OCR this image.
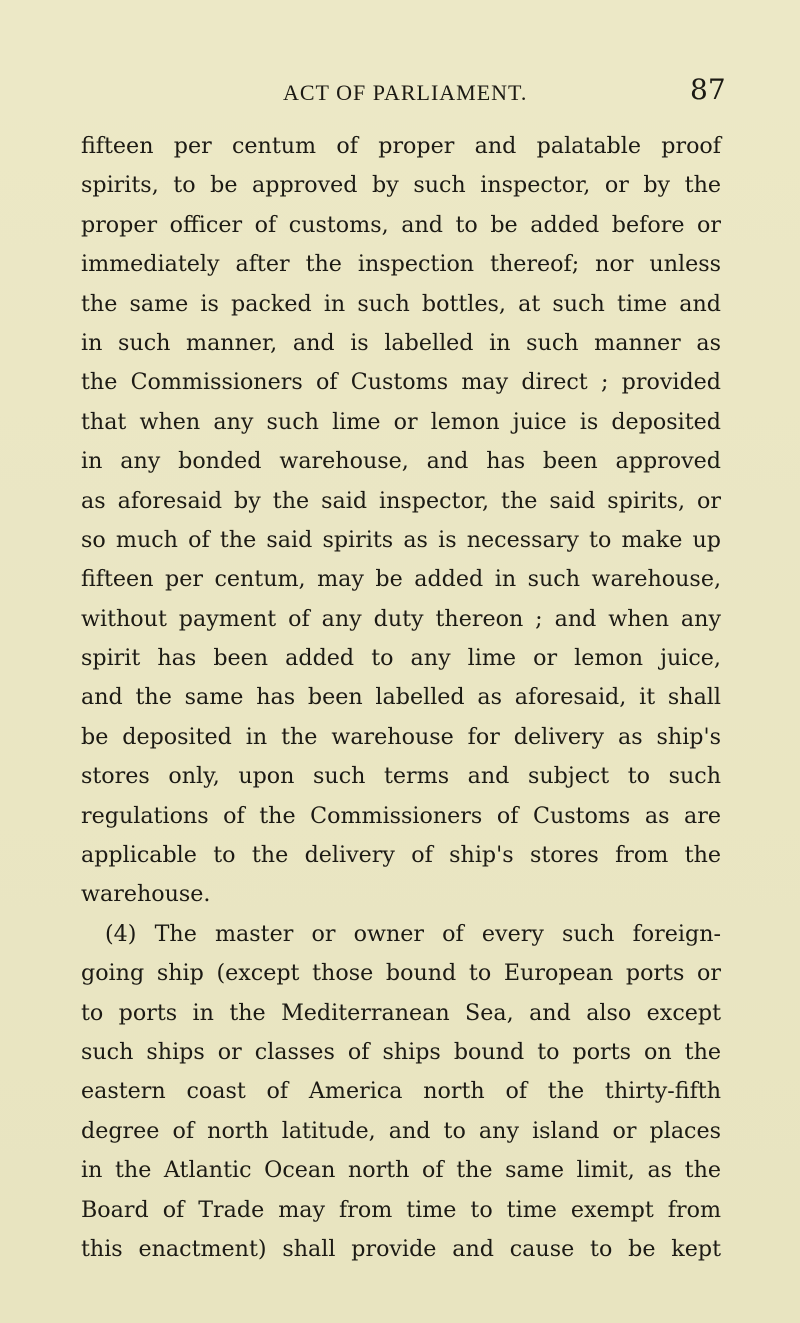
ACT OF PARLIAMENT.	87
fifteen per centum of proper and palatable proof
spirits, to be approved by such inspector, or by the
proper officer of customs, and to be added before or
immediately after the inspection thereof; nor unless
the same is packed in such bottles, at such time and
in such manner, and is labelled in such manner as
the Commissioners of Customs may direct ; provided
that when any such lime or lemon juice is deposited
in any bonded warehouse, and has been approved
as aforesaid by the said inspector, the said spirits, or
so much of the said spirits as is necessary to make up
fifteen per centum, may be added in such warehouse,
without payment of any duty thereon ; and when any
spirit has been added to any lime or lemon juice,
and the same has been labelled as aforesaid, it shall
be deposited in the warehouse for delivery as ship's
stores only, upon such terms and subject to such
regulations of the Commissioners of Customs as are
applicable to the delivery of ship's stores from the
warehouse.
(4) The master or owner of every such foreign-
going ship (except those bound to European ports or
to ports in the Mediterranean Sea, and also except
such ships or classes of ships bound to ports on the
eastern coast of America north of the thirty-fifth
degree of north latitude, and to any island or places
in the Atlantic Ocean north of the same limit, as the
Board of Trade may from time to time exempt from
this enactment) shall provide and cause to be kept
